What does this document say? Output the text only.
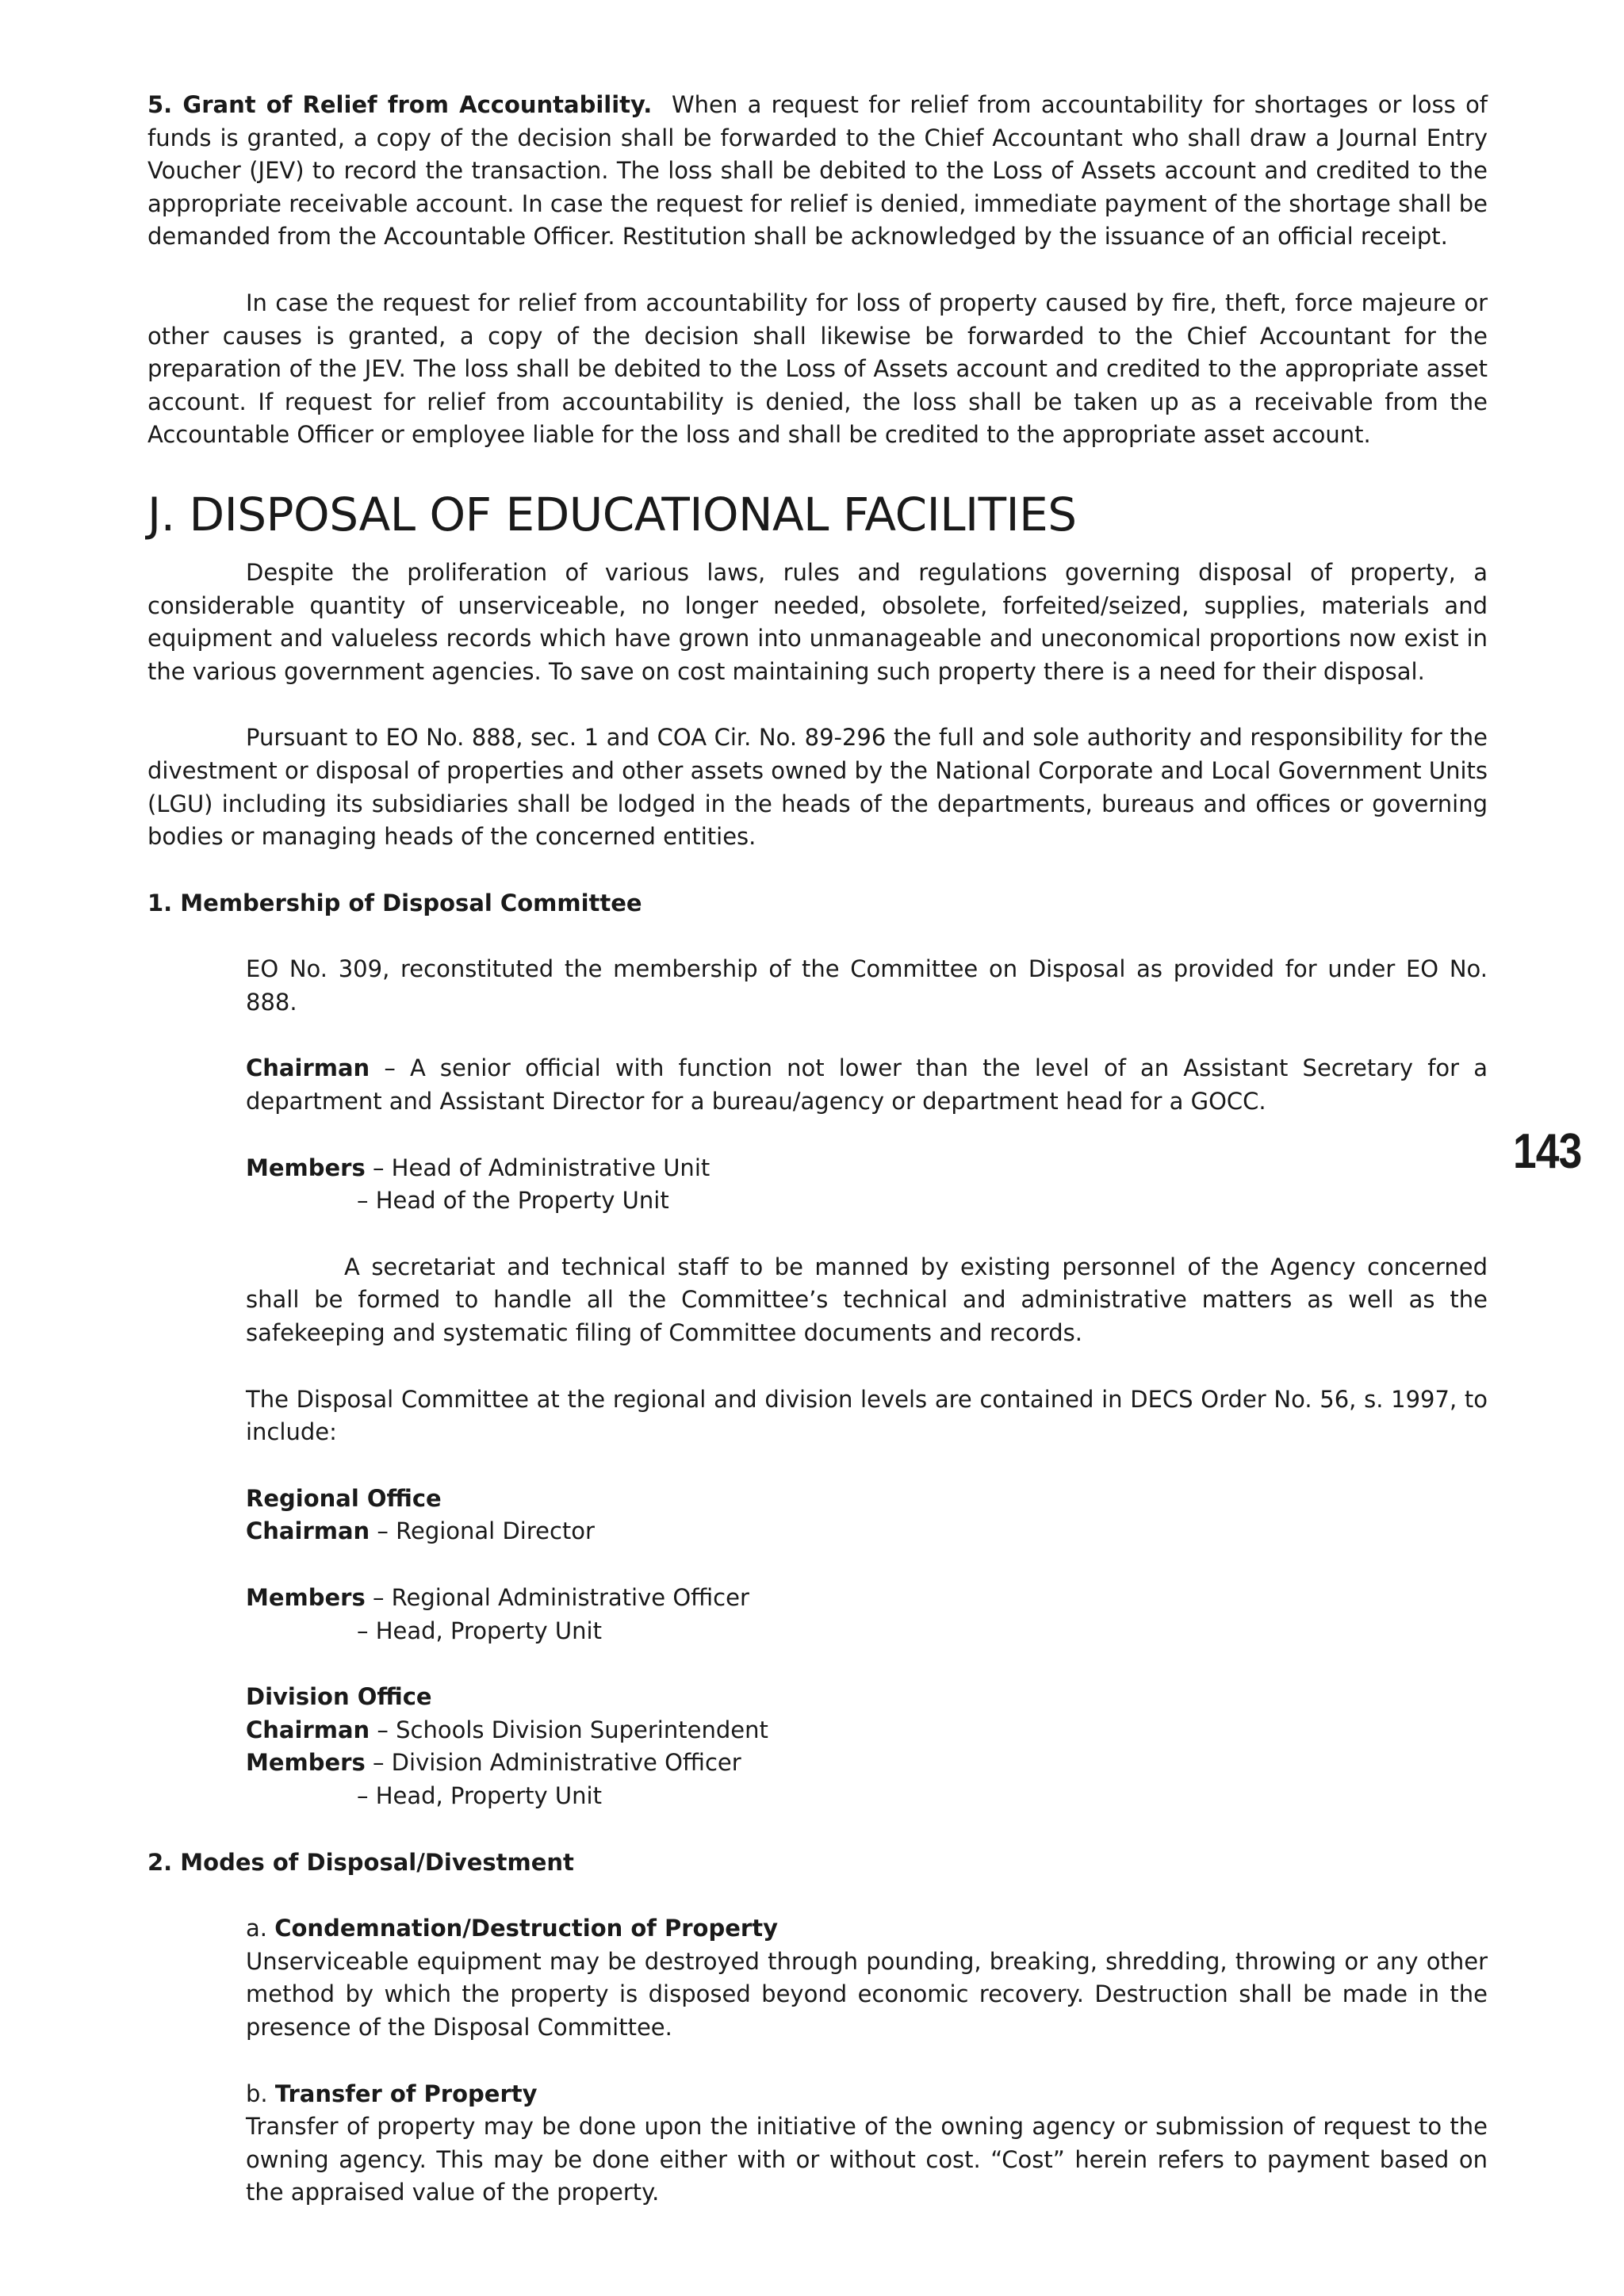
5. Grant of Relief from Accountability. When a request for relief from accountability for shortages or loss of funds is granted, a copy of the decision shall be forwarded to the Chief Accountant who shall draw a Journal Entry Voucher (JEV) to record the transaction. The loss shall be debited to the Loss of Assets account and credited to the appropriate receivable account. In case the request for relief is denied, immediate payment of the shortage shall be demanded from the Accountable Officer. Restitution shall be acknowledged by the issuance of an official receipt.

In case the request for relief from accountability for loss of property caused by fire, theft, force majeure or other causes is granted, a copy of the decision shall likewise be forwarded to the Chief Accountant for the preparation of the JEV. The loss shall be debited to the Loss of Assets account and credited to the appropriate asset account. If request for relief from accountability is denied, the loss shall be taken up as a receivable from the Accountable Officer or employee liable for the loss and shall be credited to the appropriate asset account.

J. DISPOSAL OF EDUCATIONAL FACILITIES

Despite the proliferation of various laws, rules and regulations governing disposal of property, a considerable quantity of unserviceable, no longer needed, obsolete, forfeited/seized, supplies, materials and equipment and valueless records which have grown into unmanageable and uneconomical proportions now exist in the various government agencies. To save on cost maintaining such property there is a need for their disposal.

Pursuant to EO No. 888, sec. 1 and COA Cir. No. 89-296 the full and sole authority and responsibility for the divestment or disposal of properties and other assets owned by the National Corporate and Local Government Units (LGU) including its subsidiaries shall be lodged in the heads of the departments, bureaus and offices or governing bodies or managing heads of the concerned entities.

1. Membership of Disposal Committee

EO No. 309, reconstituted the membership of the Committee on Disposal as provided for under EO No. 888.

Chairman – A senior official with function not lower than the level of an Assistant Secretary for a department and Assistant Director for a bureau/agency or department head for a GOCC.

Members – Head of Administrative Unit

– Head of the Property Unit

A secretariat and technical staff to be manned by existing personnel of the Agency concerned shall be formed to handle all the Committee’s technical and administrative matters as well as the safekeeping and systematic filing of Committee documents and records.

The Disposal Committee at the regional and division levels are contained in DECS Order No. 56, s. 1997, to include:

Regional Office

Chairman – Regional Director

Members – Regional Administrative Officer

– Head, Property Unit

Division Office

Chairman – Schools Division Superintendent

Members – Division Administrative Officer

– Head, Property Unit

2. Modes of Disposal/Divestment

a. Condemnation/Destruction of Property

Unserviceable equipment may be destroyed through pounding, breaking, shredding, throwing or any other method by which the property is disposed beyond economic recovery. Destruction shall be made in the presence of the Disposal Committee.

b. Transfer of Property

Transfer of property may be done upon the initiative of the owning agency or submission of request to the owning agency. This may be done either with or without cost. “Cost” herein refers to payment based on the appraised value of the property.

143
